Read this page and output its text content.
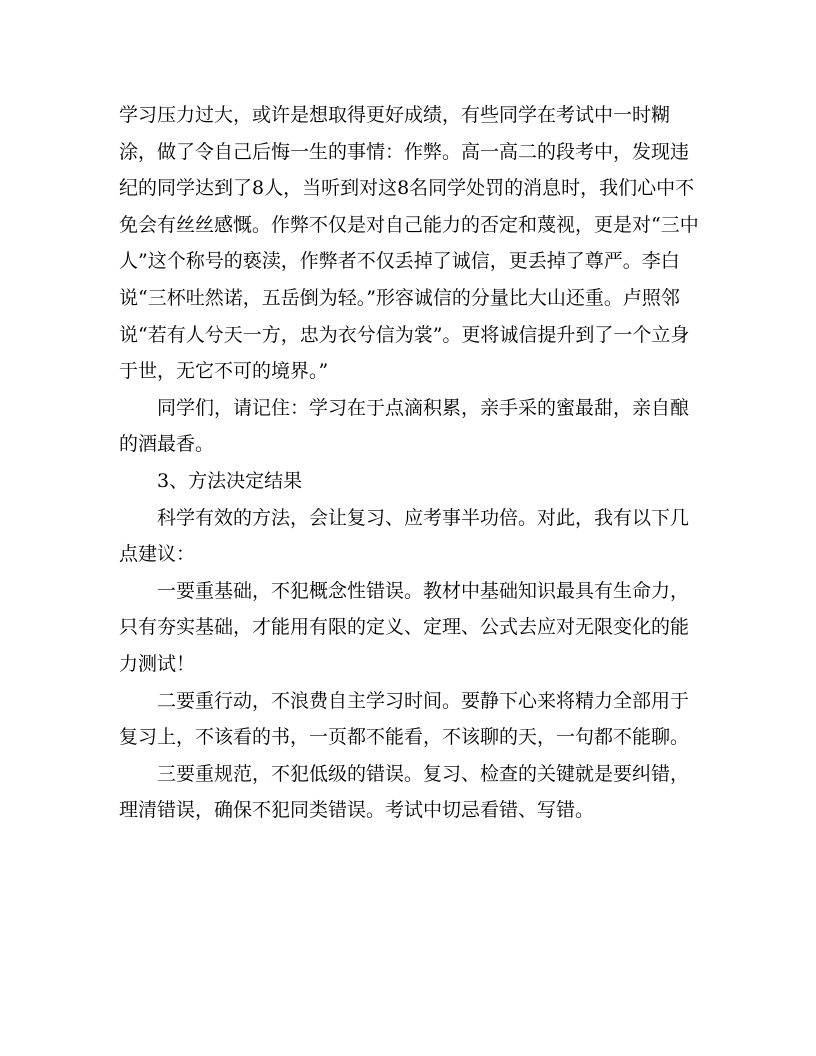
学习压力过大，或许是想取得更好成绩，有些同学在考试中一时糊涂，做了令自己后悔一生的事情：作弊。高一高二的段考中，发现违纪的同学达到了8人，当听到对这8名同学处罚的消息时，我们心中不免会有丝丝感慨。作弊不仅是对自己能力的否定和蔑视，更是对“三中人”这个称号的亵渎，作弊者不仅丢掉了诚信，更丢掉了尊严。李白说“三杯吐然诺，五岳倒为轻。”形容诚信的分量比大山还重。卢照邻说“若有人兮天一方，忠为衣兮信为裳”。更将诚信提升到了一个立身于世，无它不可的境界。”

同学们，请记住：学习在于点滴积累，亲手采的蜜最甜，亲自酿的酒最香。

3、方法决定结果

科学有效的方法，会让复习、应考事半功倍。对此，我有以下几点建议：

一要重基础，不犯概念性错误。教材中基础知识最具有生命力，只有夯实基础，才能用有限的定义、定理、公式去应对无限变化的能力测试！

二要重行动，不浪费自主学习时间。要静下心来将精力全部用于复习上，不该看的书，一页都不能看，不该聊的天，一句都不能聊。

三要重规范，不犯低级的错误。复习、检查的关键就是要纠错，理清错误，确保不犯同类错误。考试中切忌看错、写错。
